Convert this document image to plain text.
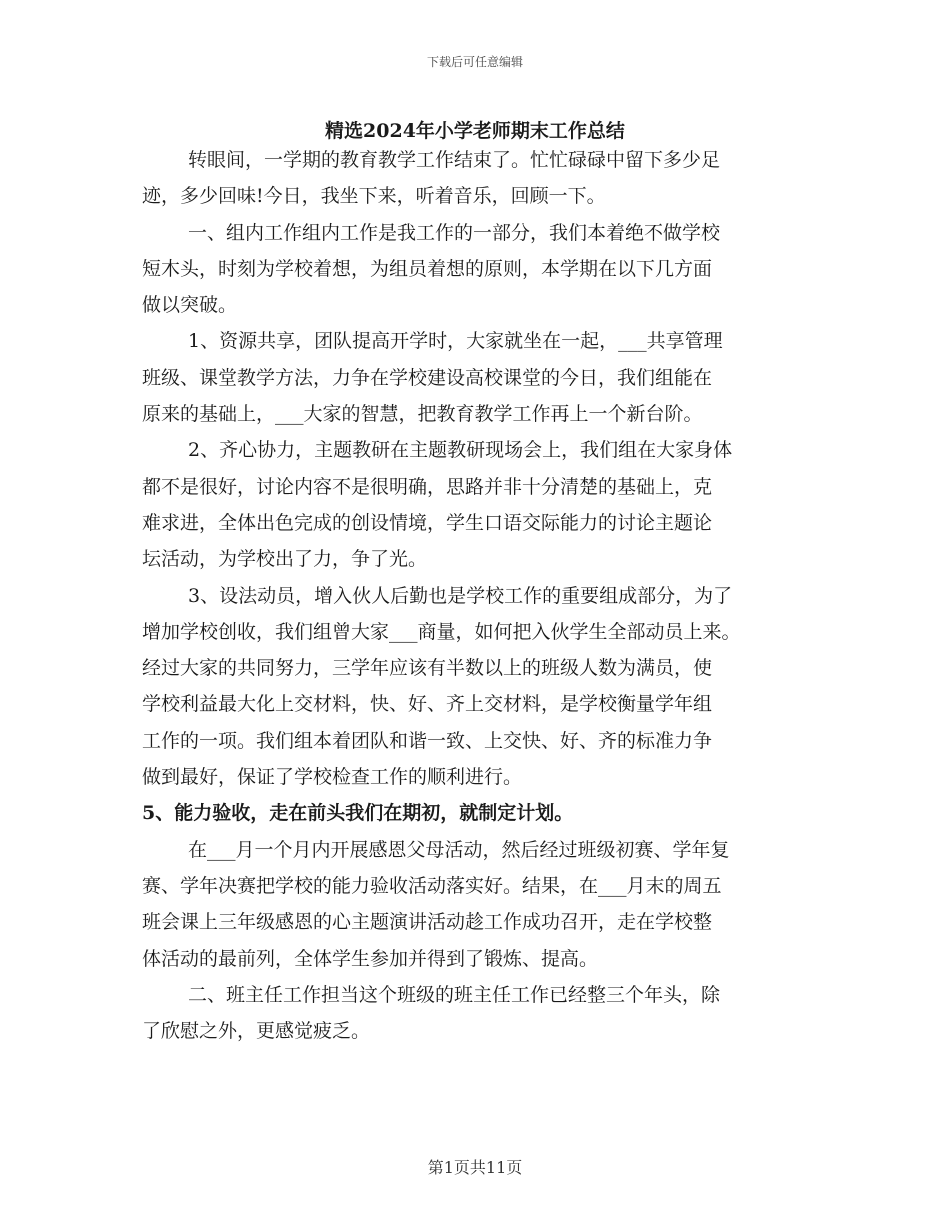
下载后可任意编辑
精选2024年小学老师期末工作总结
转眼间，一学期的教育教学工作结束了。忙忙碌碌中留下多少足
迹，多少回味!今日，我坐下来，听着音乐，回顾一下。
一、组内工作组内工作是我工作的一部分，我们本着绝不做学校
短木头，时刻为学校着想，为组员着想的原则，本学期在以下几方面
做以突破。
1、资源共享，团队提高开学时，大家就坐在一起，___共享管理
班级、课堂教学方法，力争在学校建设高校课堂的今日，我们组能在
原来的基础上，___大家的智慧，把教育教学工作再上一个新台阶。
2、齐心协力，主题教研在主题教研现场会上，我们组在大家身体
都不是很好，讨论内容不是很明确，思路并非十分清楚的基础上，克
难求进，全体出色完成的创设情境，学生口语交际能力的讨论主题论
坛活动，为学校出了力，争了光。
3、设法动员，增入伙人后勤也是学校工作的重要组成部分，为了
增加学校创收，我们组曾大家___商量，如何把入伙学生全部动员上来。
经过大家的共同努力，三学年应该有半数以上的班级人数为满员，使
学校利益最大化上交材料，快、好、齐上交材料，是学校衡量学年组
工作的一项。我们组本着团队和谐一致、上交快、好、齐的标准力争
做到最好，保证了学校检查工作的顺利进行。
5、能力验收，走在前头我们在期初，就制定计划。
在___月一个月内开展感恩父母活动，然后经过班级初赛、学年复
赛、学年决赛把学校的能力验收活动落实好。结果，在___月末的周五
班会课上三年级感恩的心主题演讲活动趁工作成功召开，走在学校整
体活动的最前列，全体学生参加并得到了锻炼、提高。
二、班主任工作担当这个班级的班主任工作已经整三个年头，除
了欣慰之外，更感觉疲乏。
第1页共11页
